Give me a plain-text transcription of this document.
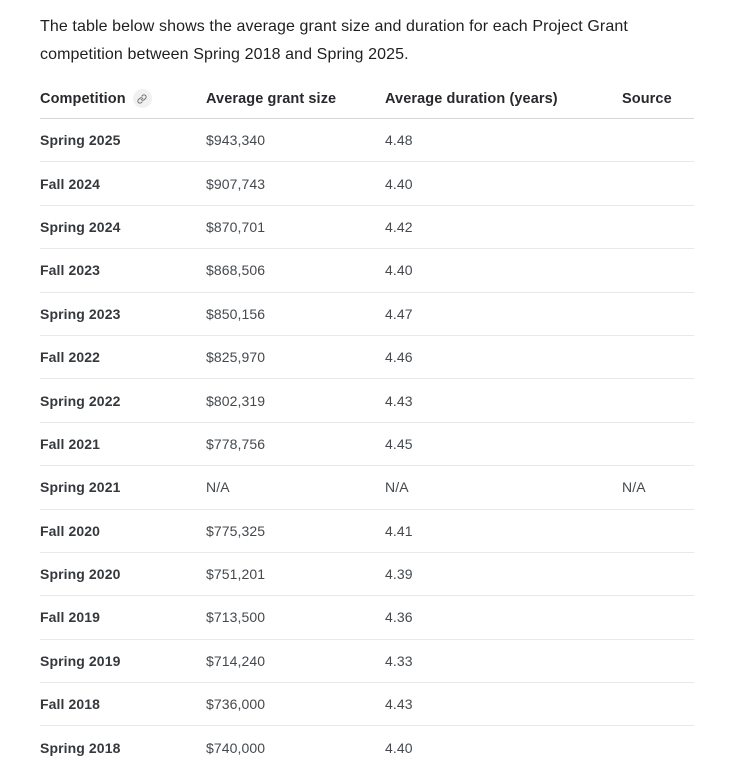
The table below shows the average grant size and duration for each Project Grant competition between Spring 2018 and Spring 2025.

Competition	Average grant size	Average duration (years)	Source
Spring 2025	$943,340	4.48
Fall 2024	$907,743	4.40
Spring 2024	$870,701	4.42
Fall 2023	$868,506	4.40
Spring 2023	$850,156	4.47
Fall 2022	$825,970	4.46
Spring 2022	$802,319	4.43
Fall 2021	$778,756	4.45
Spring 2021	N/A	N/A	N/A
Fall 2020	$775,325	4.41
Spring 2020	$751,201	4.39
Fall 2019	$713,500	4.36
Spring 2019	$714,240	4.33
Fall 2018	$736,000	4.43
Spring 2018	$740,000	4.40
